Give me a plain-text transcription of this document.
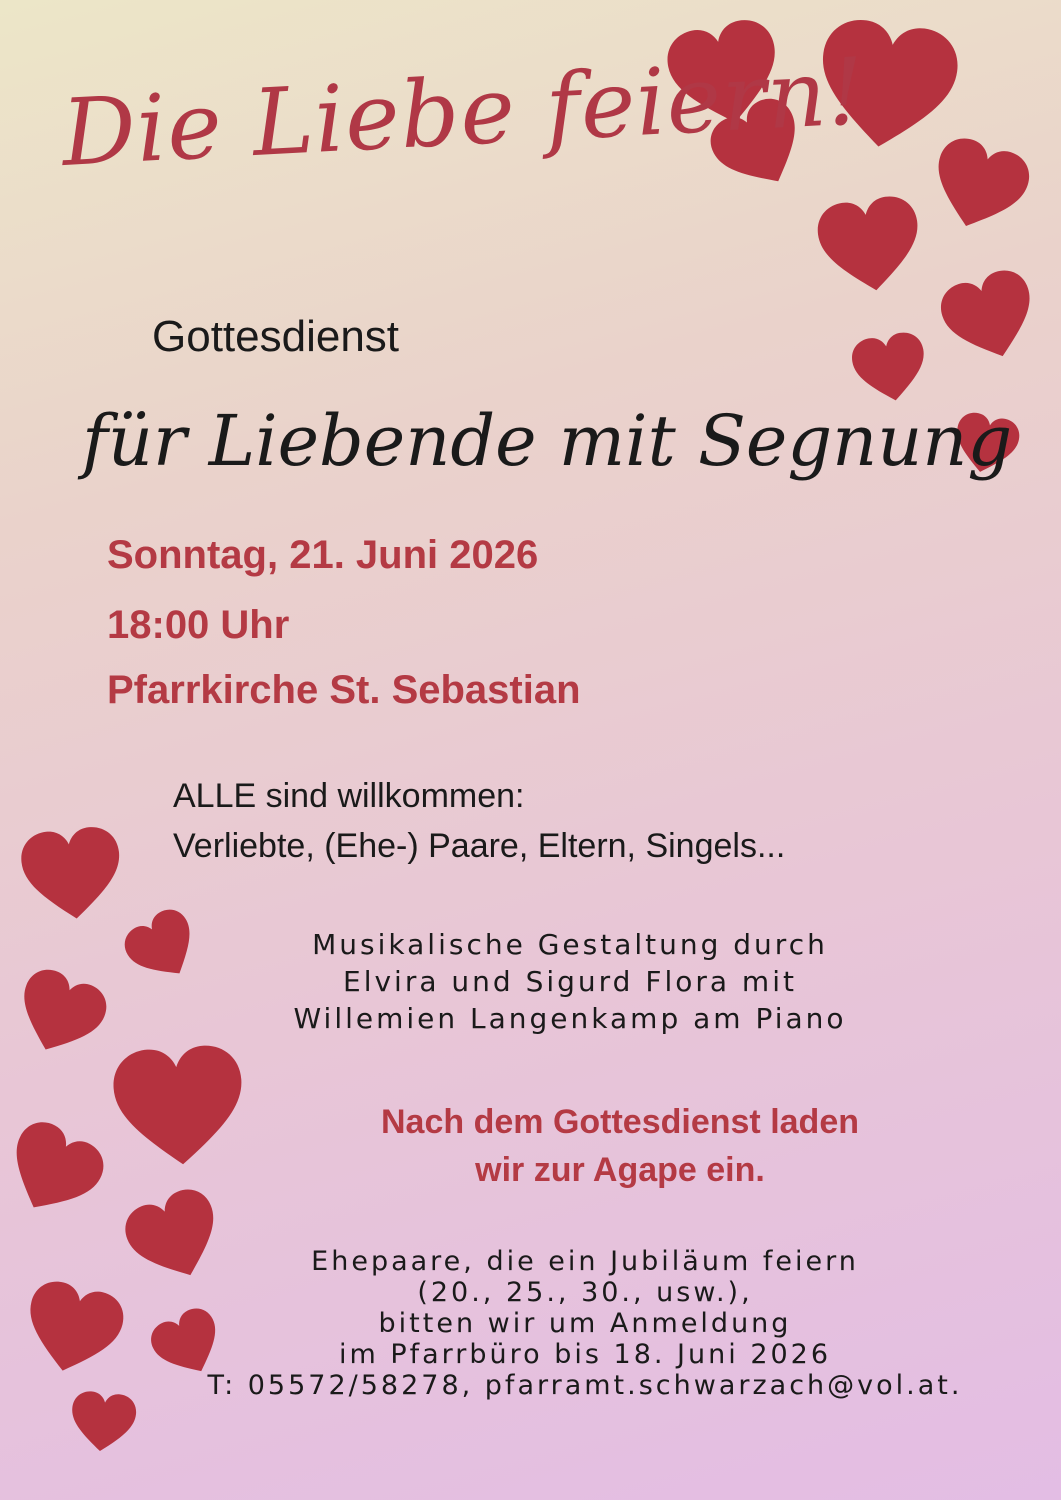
Die Liebe feiern!
Gottesdienst
für Liebende mit Segnung
Sonntag, 21. Juni 2026
18:00 Uhr
Pfarrkirche St. Sebastian
ALLE sind willkommen:
Verliebte, (Ehe-) Paare, Eltern, Singels...
Musikalische Gestaltung durch
Elvira und Sigurd Flora mit
Willemien Langenkamp am Piano
Nach dem Gottesdienst laden
wir zur Agape ein.
Ehepaare, die ein Jubiläum feiern
(20., 25., 30., usw.),
bitten wir um Anmeldung
im Pfarrbüro bis 18. Juni 2026
T: 05572/58278, pfarramt.schwarzach@vol.at.
